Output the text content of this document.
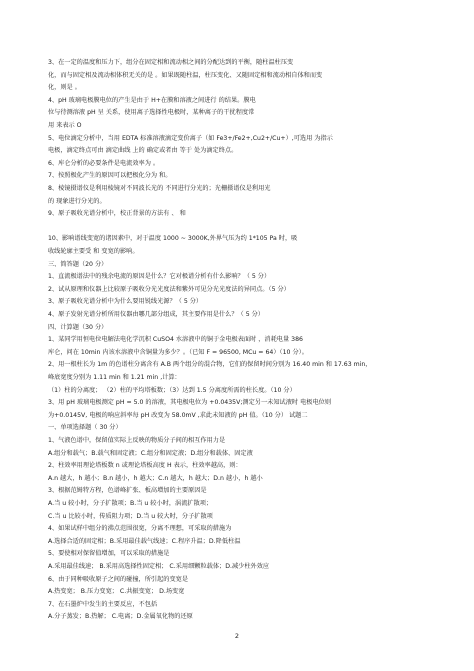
3、在一定的温度和压力下，组分在固定相和流动相之间的分配达到的平衡，随柱温柱压变
化，而与固定相及流动相体积无关的是 。如果既随柱温，柱压变化、又随固定相和流动相自体和而变
化，则是 。
4、pH 玻璃电极膜电位的产生是由于 H+在膜和溶液之间进行 的结果。膜电
位与待测溶液 pH 呈 关系，使用离子选择性电极时，某种离子的干扰程度常
用 来表示 O
5、电位滴定分析中，当用 EDTA 标准溶液滴定变价离子（如 Fe3+/Fe2+,Cu2+/Cu+）,可选用 为指示
电极，滴定终点可由 滴定曲线 上的 确定或者由 等于 处为滴定终点。
6、库仑分析的必要条件是电流效率为 。
7、按照极化产生的原因可以把极化分为 和。
8、棱镜摄谱仪是利用棱镜对不同波长光的 不同进行分光的；光栅摄谱仪是利用光
的 现象进行分光的。
9、原子吸收光谱分析中，校正背景的方法有 、 和
10、影响谱线变宽的诸因素中，对于温度 1000 ~ 3000K,外界气压为约 1*105 Pa 时，吸
收线轮廓主要受 和 变宽的影响。
三、简答题（20 分）
1、直流极谱法中的残余电流的原因是什么？它对极谱分析有什么影响？（ 5 分）
2、试从原理和仪器上比较原子吸收分光光度法和紫外可见分光光度法的异同点。（5 分）
3、原子吸收光谱分析中为什么要用锐线光源？（ 5 分）
4、原子发射光谱分析所用仪器由哪几部分组成，其主要作用是什么？（ 5 分）
四、计算题（30 分）
1、某同学用恒电位电解法电化学沉积 CuSO4 水溶液中的铜于金电极表面时 ，消耗电量 386
库仑，问在 10min 内该水溶液中含铜量为多少？。（已知 F = 96500, MCu = 64）（10 分）。
2、用一根柱长为 1m 的色谱柱分离含有 A.B 两个组分的混合物，它们的保留时间分别为 16.40 min 和 17.63 min，
峰底宽度分别为 1.11 min 和 1.21 min ,计算：
（1）柱的分离度； （2）柱的平均塔板数；（3）达到 1.5 分离度所需的柱长度。（10 分）
3、用 pH 玻璃电极测定 pH = 5.0 的溶液，其电极电位为 +0.0435V;测定另一未知试液时 电极电位则
为+0.0145V, 电极的响应斜率每 pH 改变为 58.0mV ,求此未知液的 pH 值。（10 分） 试题二
一、单项选择题（ 30 分）
1、气液色谱中，保留值实际上反映的物质分子间的相互作用力是
A.组分和载气；B.载气和固定液；C.组分和固定液；D.组分和载体、固定液
2、柱效率用理论塔板数 n 或理论塔板高度 H 表示，柱效率越高，则：
A.n 越大，h 越小；B.n 越小，h 越大；C.n 越大，h 越大；D.n 越小，h 越小
3、根据范姆特方程，色谱峰扩张、板高增加的主要原因是
A.当 u 较小时，分子扩散项；B.当 u 较小时，涡流扩散项；
C.当 u 比较小时，传质阻力项；D.当 u 较大时，分子扩散项
4、如果试样中组分的沸点范围很宽，分离不理想，可采取的措施为
A.选择合适的固定相；B.采用最佳载气线速；C.程序升温；D.降低柱温
5、要使相对保留值增加，可以采取的措施是
A.采用最佳线速； B.采用高选择性固定相； C.采用细颗粒载体；D.减少柱外效应
6、由于同种吸收原子之间的碰撞，所引起的变宽是
A.热变宽； B.压力变宽； C.共振变宽； D.场变宽
7、在石墨炉中发生的主要反应，不包括
A.分子蒸发；B.热解； C.电离；D.金属氧化物的还原
2
